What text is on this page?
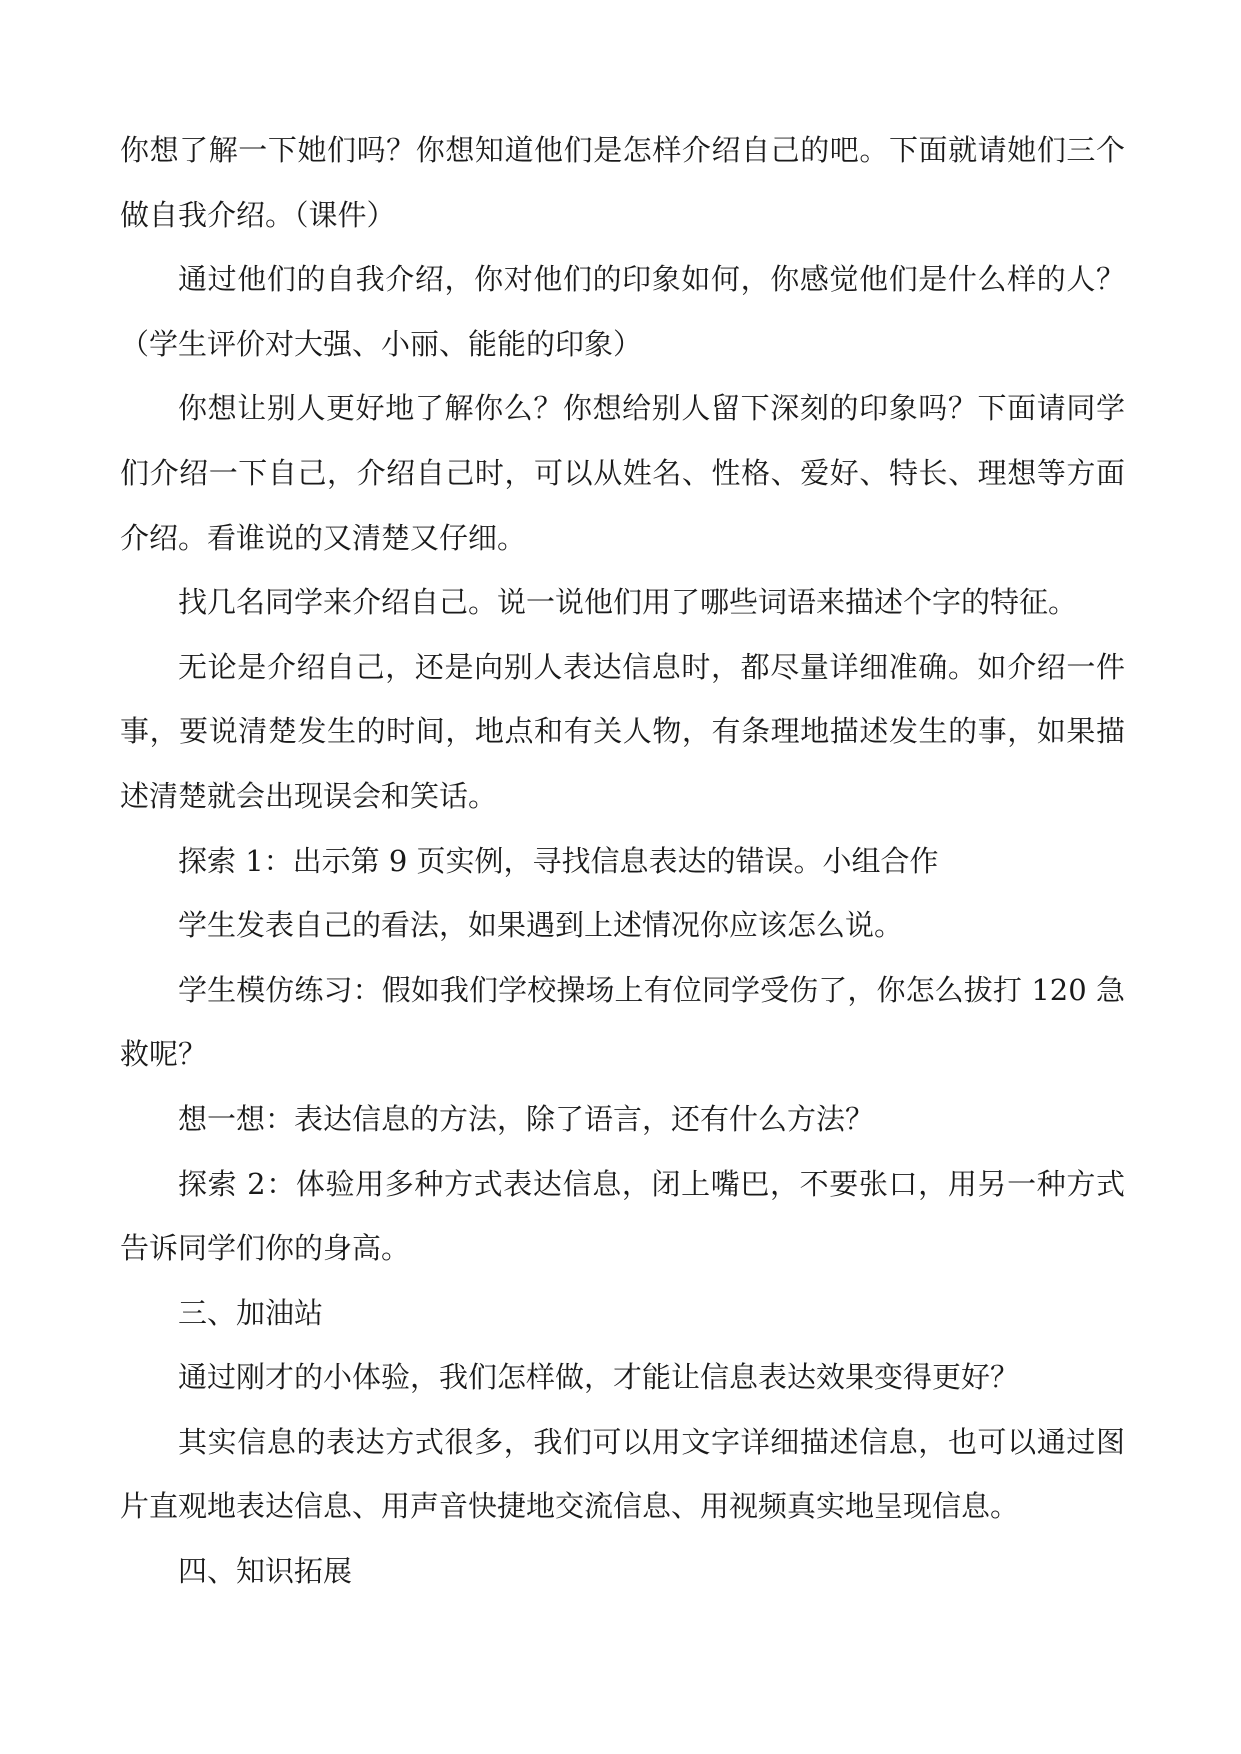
你想了解一下她们吗？你想知道他们是怎样介绍自己的吧。下面就请她们三个做自我介绍。（课件）

通过他们的自我介绍，你对他们的印象如何，你感觉他们是什么样的人？（学生评价对大强、小丽、能能的印象）

你想让别人更好地了解你么？你想给别人留下深刻的印象吗？下面请同学们介绍一下自己，介绍自己时，可以从姓名、性格、爱好、特长、理想等方面介绍。看谁说的又清楚又仔细。

找几名同学来介绍自己。说一说他们用了哪些词语来描述个字的特征。

无论是介绍自己，还是向别人表达信息时，都尽量详细准确。如介绍一件事，要说清楚发生的时间，地点和有关人物，有条理地描述发生的事，如果描述清楚就会出现误会和笑话。

探索 1：出示第 9 页实例，寻找信息表达的错误。小组合作

学生发表自己的看法，如果遇到上述情况你应该怎么说。

学生模仿练习：假如我们学校操场上有位同学受伤了，你怎么拔打 120 急救呢？

想一想：表达信息的方法，除了语言，还有什么方法？

探索 2：体验用多种方式表达信息，闭上嘴巴，不要张口，用另一种方式告诉同学们你的身高。

三、加油站

通过刚才的小体验，我们怎样做，才能让信息表达效果变得更好？

其实信息的表达方式很多，我们可以用文字详细描述信息，也可以通过图片直观地表达信息、用声音快捷地交流信息、用视频真实地呈现信息。

四、知识拓展
